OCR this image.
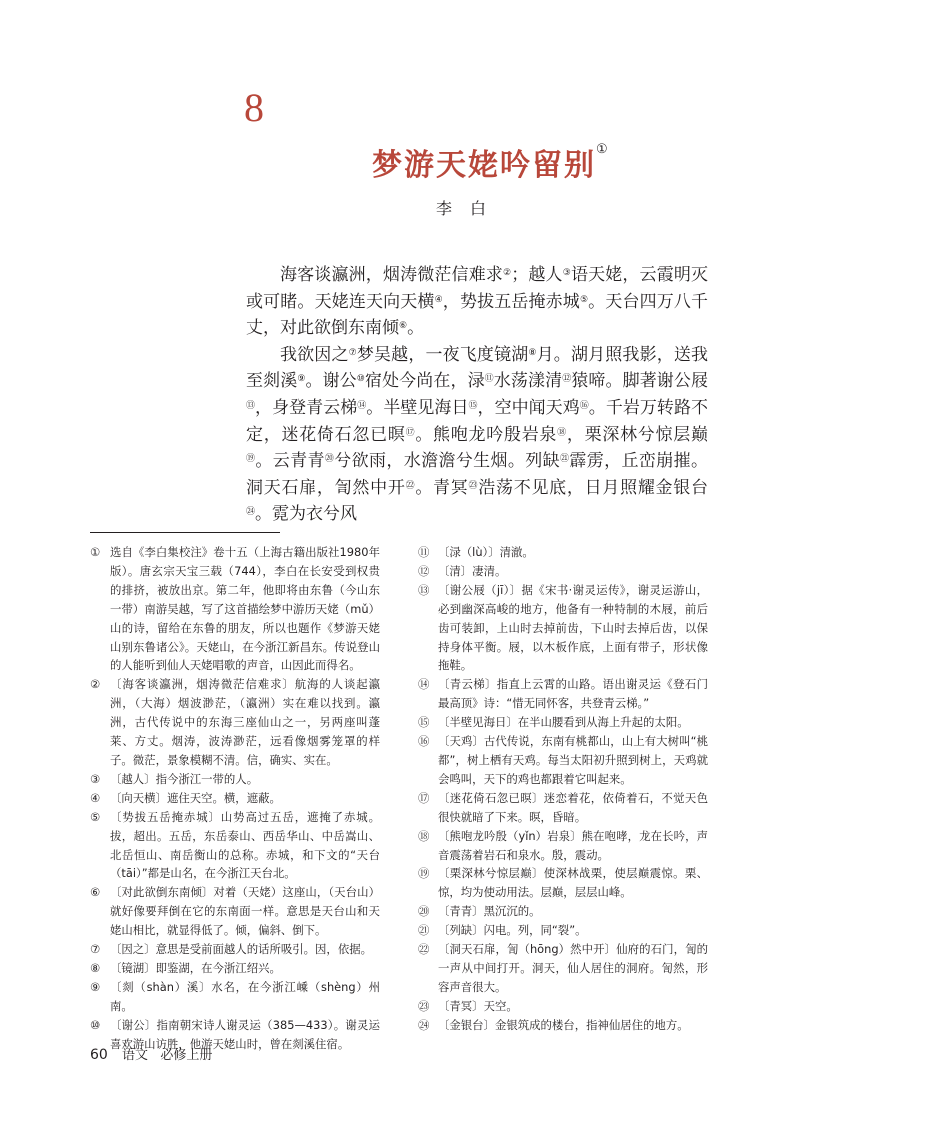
8
梦游天姥吟留别①
李白

海客谈瀛洲，烟涛微茫信难求②；越人③语天姥，云霞明灭或可睹。天姥连天向天横④，势拔五岳掩赤城⑤。天台四万八千丈，对此欲倒东南倾⑥。

我欲因之⑦梦吴越，一夜飞度镜湖⑧月。湖月照我影，送我至剡溪⑨。谢公⑩宿处今尚在，渌⑪水荡漾清⑫猿啼。脚著谢公屐⑬，身登青云梯⑭。半壁见海日⑮，空中闻天鸡⑯。千岩万转路不定，迷花倚石忽已暝⑰。熊咆龙吟殷岩泉⑱，栗深林兮惊层巅⑲。云青青⑳兮欲雨，水澹澹兮生烟。列缺$^㉑$霹雳，丘峦崩摧。洞天石扉，訇然中开$^㉒$。青冥$^㉓$浩荡不见底，日月照耀金银台$^㉔$。霓为衣兮风

① 选自《李白集校注》卷十五（上海古籍出版社1980年版）。唐玄宗天宝三载（744），李白在长安受到权贵的排挤，被放出京。第二年，他即将由东鲁（今山东一带）南游吴越，写了这首描绘梦中游历天姥（mǔ）山的诗，留给在东鲁的朋友，所以也题作《梦游天姥山别东鲁诸公》。天姥山，在今浙江新昌东。传说登山的人能听到仙人天姥唱歌的声音，山因此而得名。
② 〔海客谈瀛洲，烟涛微茫信难求〕航海的人谈起瀛洲，（大海）烟波渺茫，（瀛洲）实在难以找到。瀛洲，古代传说中的东海三座仙山之一，另两座叫蓬莱、方丈。烟涛，波涛渺茫，远看像烟雾笼罩的样子。微茫，景象模糊不清。信，确实、实在。
③ 〔越人〕指今浙江一带的人。
④ 〔向天横〕遮住天空。横，遮蔽。
⑤ 〔势拔五岳掩赤城〕山势高过五岳，遮掩了赤城。拔，超出。五岳，东岳泰山、西岳华山、中岳嵩山、北岳恒山、南岳衡山的总称。赤城，和下文的“天台（tāi）”都是山名，在今浙江天台北。
⑥ 〔对此欲倒东南倾〕对着（天姥）这座山，（天台山）就好像要拜倒在它的东南面一样。意思是天台山和天姥山相比，就显得低了。倾，偏斜、倒下。
⑦ 〔因之〕意思是受前面越人的话所吸引。因，依据。
⑧ 〔镜湖〕即鉴湖，在今浙江绍兴。
⑨ 〔剡（shàn）溪〕水名，在今浙江嵊（shèng）州南。
⑩ 〔谢公〕指南朝宋诗人谢灵运（385—433）。谢灵运喜欢游山访胜，他游天姥山时，曾在剡溪住宿。
⑪ 〔渌（lù）〕清澈。
⑫ 〔清〕凄清。
⑬ 〔谢公屐（jī）〕据《宋书·谢灵运传》，谢灵运游山，必到幽深高峻的地方，他备有一种特制的木屐，前后齿可装卸，上山时去掉前齿，下山时去掉后齿，以保持身体平衡。屐，以木板作底，上面有带子，形状像拖鞋。
⑭ 〔青云梯〕指直上云霄的山路。语出谢灵运《登石门最高顶》诗：“惜无同怀客，共登青云梯。”
⑮ 〔半壁见海日〕在半山腰看到从海上升起的太阳。
⑯ 〔天鸡〕古代传说，东南有桃都山，山上有大树叫“桃都”，树上栖有天鸡。每当太阳初升照到树上，天鸡就会鸣叫，天下的鸡也都跟着它叫起来。
⑰ 〔迷花倚石忽已暝〕迷恋着花，依倚着石，不觉天色很快就暗了下来。暝，昏暗。
⑱ 〔熊咆龙吟殷（yǐn）岩泉〕熊在咆哮，龙在长吟，声音震荡着岩石和泉水。殷，震动。
⑲ 〔栗深林兮惊层巅〕使深林战栗，使层巅震惊。栗、惊，均为使动用法。层巅，层层山峰。
⑳ 〔青青〕黑沉沉的。
㉑ 〔列缺〕闪电。列，同“裂”。
㉒ 〔洞天石扉，訇（hōng）然中开〕仙府的石门，訇的一声从中间打开。洞天，仙人居住的洞府。訇然，形容声音很大。
㉓ 〔青冥〕天空。
㉔ 〔金银台〕金银筑成的楼台，指神仙居住的地方。
60 语文 必修上册
